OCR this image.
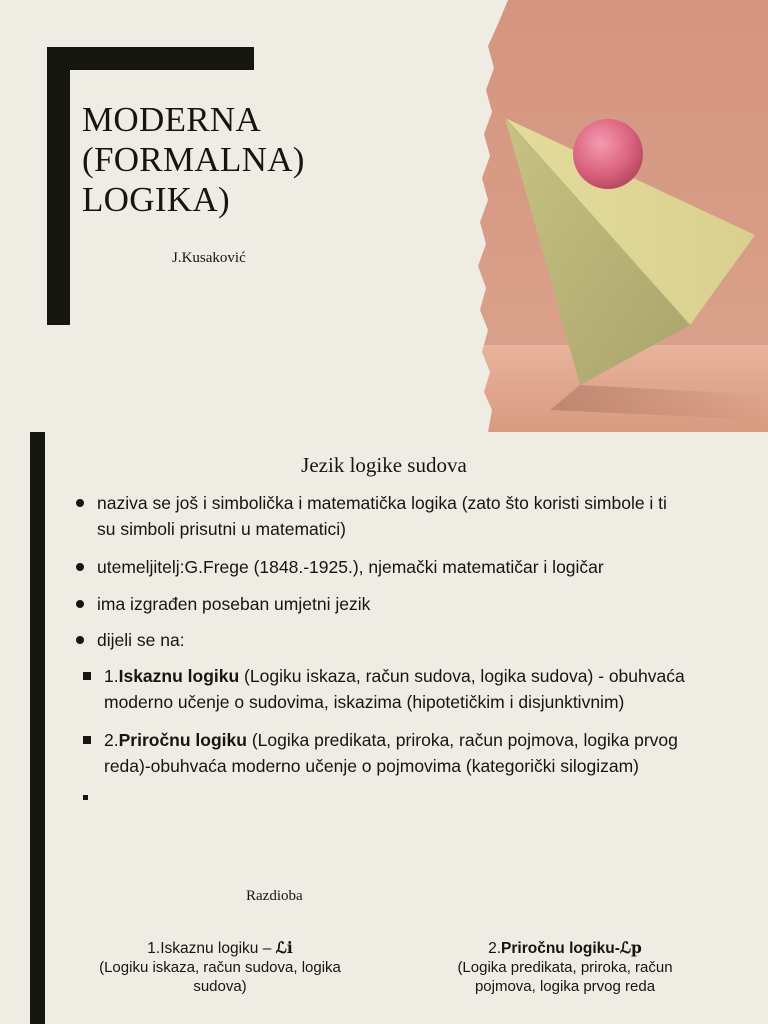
MODERNA
(FORMALNA)
LOGIKA)
J.Kusaković
Jezik logike sudova
naziva se još i simbolička i matematička logika (zato što koristi simbole i ti
su simboli prisutni u matematici)
utemeljitelj:G.Frege (1848.-1925.), njemački matematičar i logičar
ima izgrađen poseban umjetni jezik
dijeli se na:
1.Iskaznu logiku (Logiku iskaza, račun sudova, logika sudova) - obuhvaća
moderno učenje o sudovima, iskazima (hipotetičkim i disjunktivnim)
2.Priročnu logiku (Logika predikata, priroka, račun pojmova, logika prvog
reda)-obuhvaća moderno učenje o pojmovima (kategorički silogizam)
Razdioba
1.Iskaznu logiku – ℒi
(Logiku iskaza, račun sudova, logika
sudova)
2.Priročnu logiku-ℒp
(Logika predikata, priroka, račun
pojmova, logika prvog reda
